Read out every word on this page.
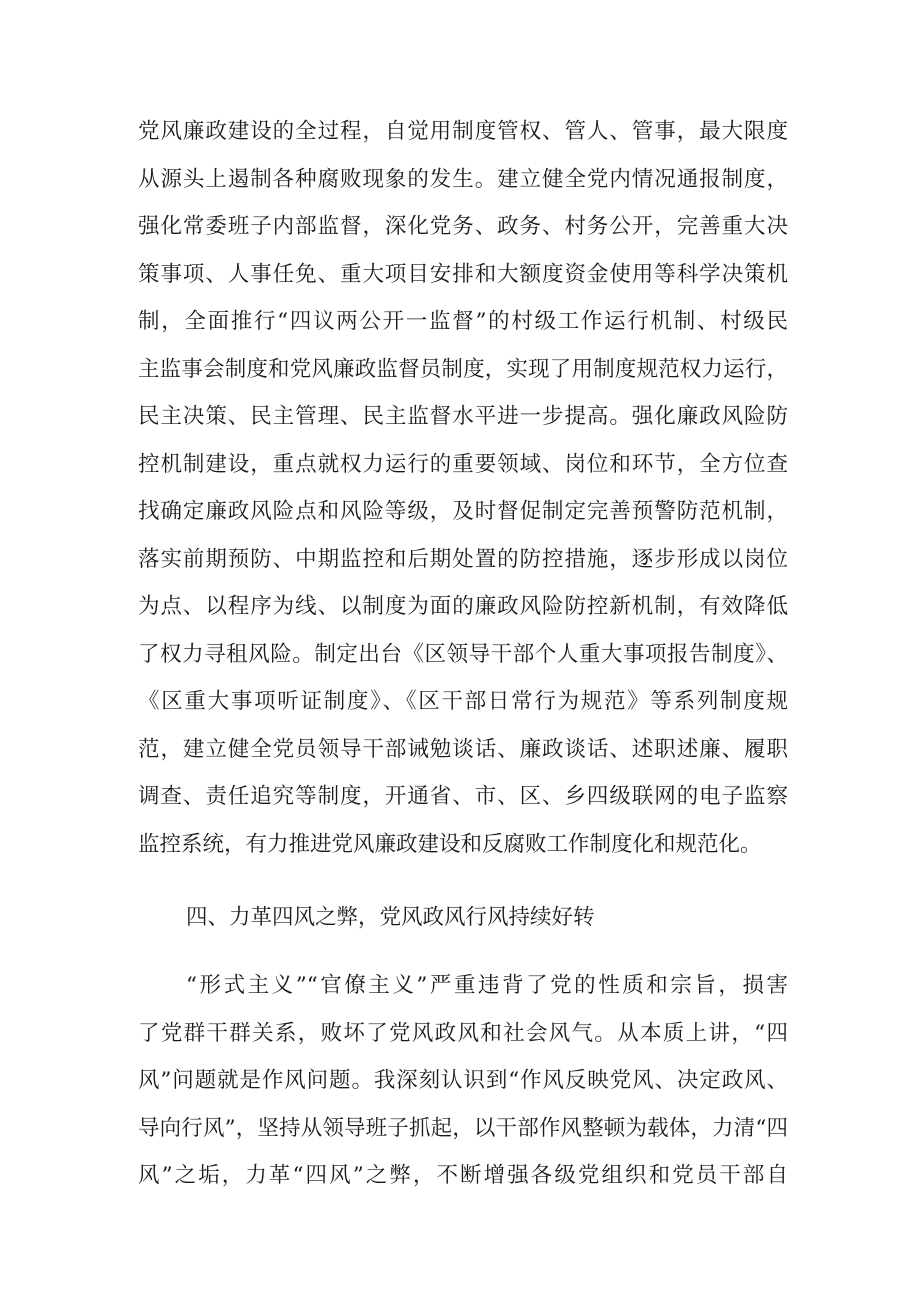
党风廉政建设的全过程，自觉用制度管权、管人、管事，最大限度
从源头上遏制各种腐败现象的发生。建立健全党内情况通报制度，
强化常委班子内部监督，深化党务、政务、村务公开，完善重大决
策事项、人事任免、重大项目安排和大额度资金使用等科学决策机
制，全面推行“四议两公开一监督”的村级工作运行机制、村级民
主监事会制度和党风廉政监督员制度，实现了用制度规范权力运行，
民主决策、民主管理、民主监督水平进一步提高。强化廉政风险防
控机制建设，重点就权力运行的重要领域、岗位和环节，全方位查
找确定廉政风险点和风险等级，及时督促制定完善预警防范机制，
落实前期预防、中期监控和后期处置的防控措施，逐步形成以岗位
为点、以程序为线、以制度为面的廉政风险防控新机制，有效降低
了权力寻租风险。制定出台《区领导干部个人重大事项报告制度》、
《区重大事项听证制度》、《区干部日常行为规范》等系列制度规
范，建立健全党员领导干部诫勉谈话、廉政谈话、述职述廉、履职
调查、责任追究等制度，开通省、市、区、乡四级联网的电子监察
监控系统，有力推进党风廉政建设和反腐败工作制度化和规范化。
四、力革四风之弊，党风政风行风持续好转
“形式主义”“官僚主义”严重违背了党的性质和宗旨，损害
了党群干群关系，败坏了党风政风和社会风气。从本质上讲，“四
风”问题就是作风问题。我深刻认识到“作风反映党风、决定政风、
导向行风”，坚持从领导班子抓起，以干部作风整顿为载体，力清“四
风”之垢，力革“四风”之弊，不断增强各级党组织和党员干部自
